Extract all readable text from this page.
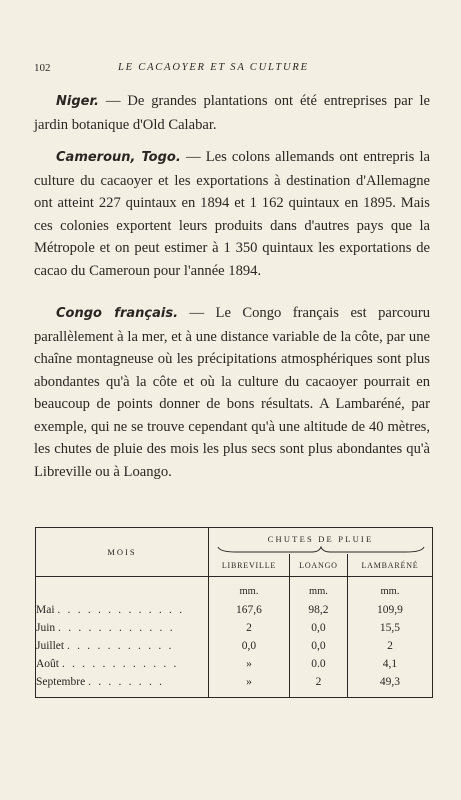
102	LE CACAOYER ET SA CULTURE

Niger. — De grandes plantations ont été entreprises par le jardin botanique d'Old Calabar.

Cameroun, Togo. — Les colons allemands ont entrepris la culture du cacaoyer et les exportations à destination d'Allemagne ont atteint 227 quintaux en 1894 et 1 162 quintaux en 1895. Mais ces colonies exportent leurs produits dans d'autres pays que la Métropole et on peut estimer à 1 350 quintaux les exportations de cacao du Cameroun pour l'année 1894.

Congo français. — Le Congo français est parcouru parallèlement à la mer, et à une distance variable de la côte, par une chaîne montagneuse où les précipitations atmosphériques sont plus abondantes qu'à la côte et où la culture du cacaoyer pourrait en beaucoup de points donner de bons résultats. A Lambaréné, par exemple, qui ne se trouve cependant qu'à une altitude de 40 mètres, les chutes de pluie des mois les plus secs sont plus abondantes qu'à Libreville ou à Loango.

MOIS	CHUTES DE PLUIE		

	LIBREVILLE	LOANGO	LAMBARÉNÉ
	mm.	mm.	mm.
Mai . . . . . . . . . . . . .	167,6	98,2	109,9
Juin . . . . . . . . . . . .	2	0,0	15,5
Juillet . . . . . . . . . . .	0,0	0,0	2
Août . . . . . . . . . . . .	»	0.0	4,1
Septembre . . . . . . . .	»	2	49,3
